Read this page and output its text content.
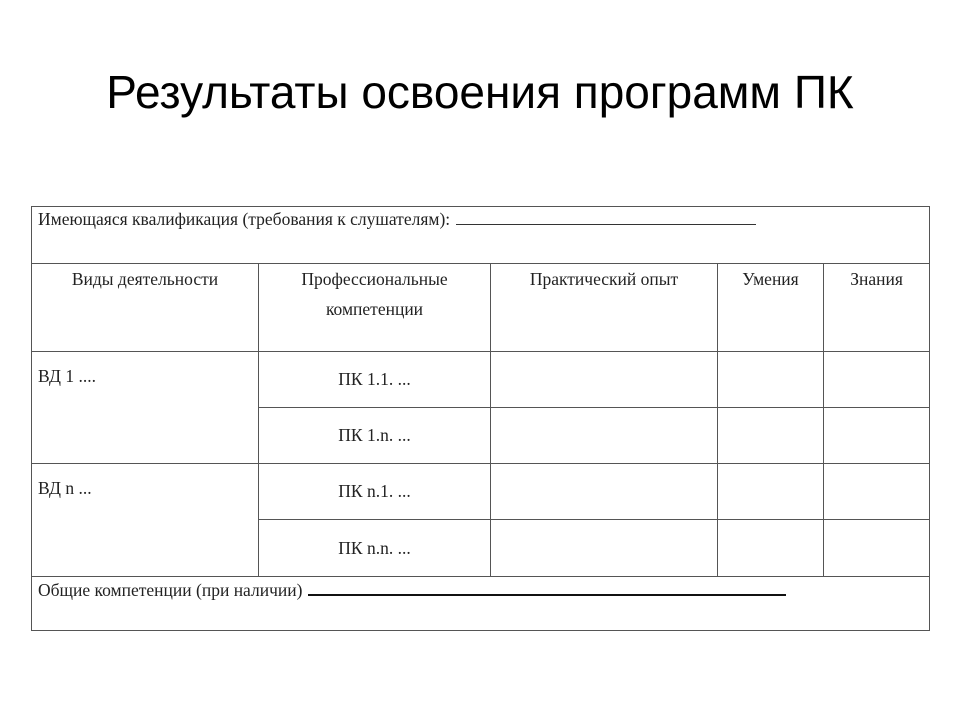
Результаты освоения программ ПК
Имеющаяся квалификация (требования к слушателям):				
Виды деятельности	Профессиональные компетенции	Практический опыт	Умения	Знания
ВД 1 ....	ПК 1.1. ...			
	ПК 1.n. ...			
ВД n ...	ПК n.1. ...			
	ПК n.n. ...			
Общие компетенции (при наличии)				
